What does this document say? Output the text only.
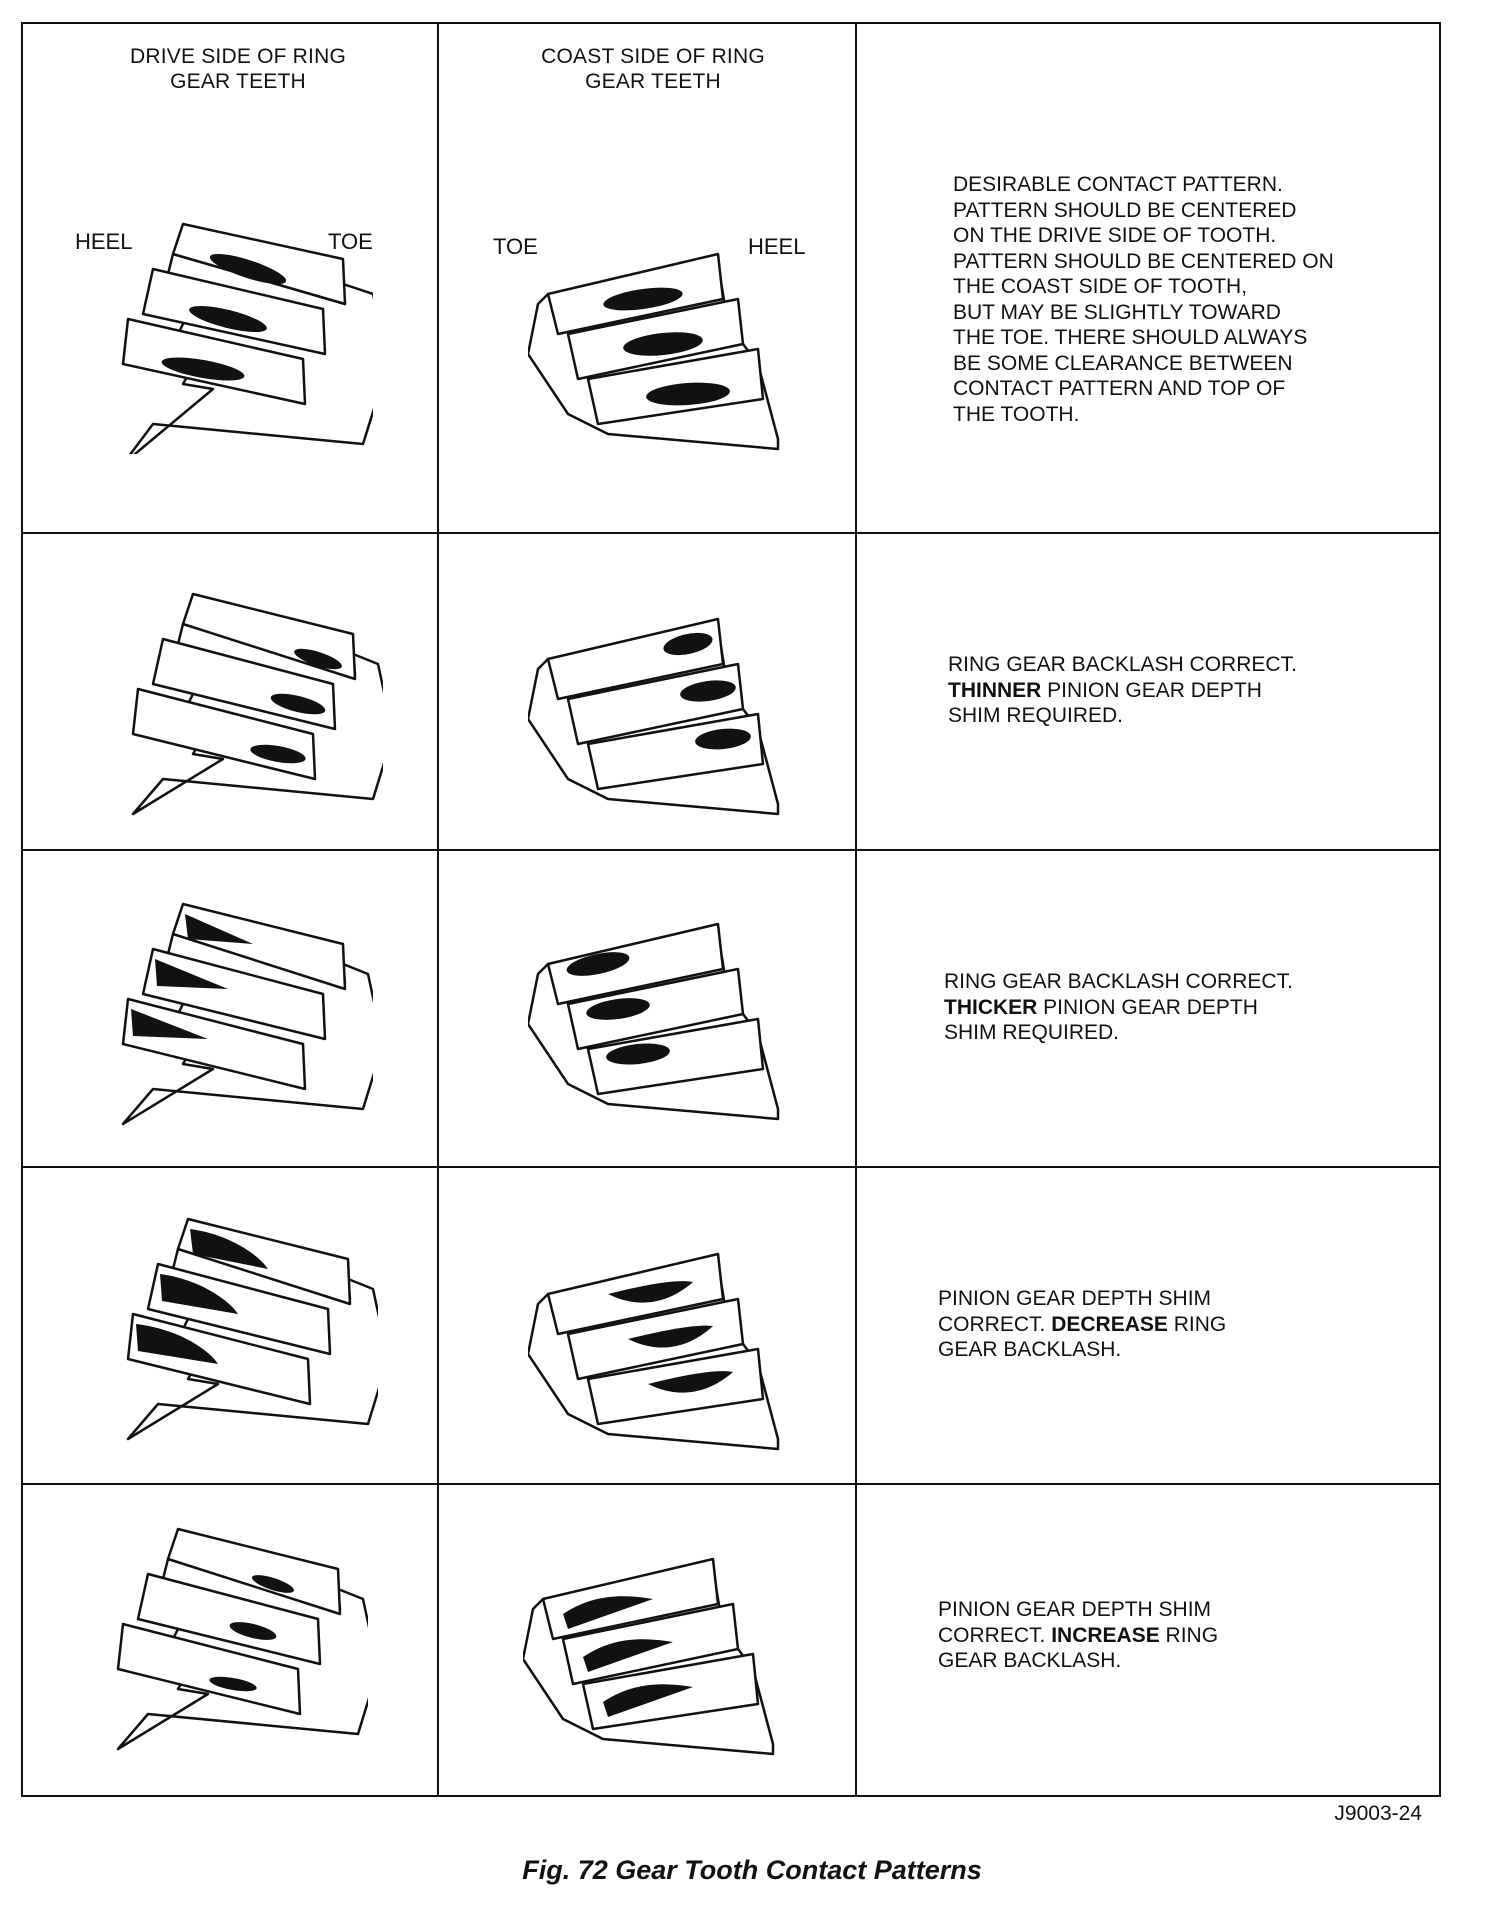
DRIVE SIDE OF RING GEAR TEETH
COAST SIDE OF RING GEAR TEETH
HEEL	TOE	TOE	HEEL
DESIRABLE CONTACT PATTERN.
PATTERN SHOULD BE CENTERED
ON THE DRIVE SIDE OF TOOTH.
PATTERN SHOULD BE CENTERED ON
THE COAST SIDE OF TOOTH,
BUT MAY BE SLIGHTLY TOWARD
THE TOE. THERE SHOULD ALWAYS
BE SOME CLEARANCE BETWEEN
CONTACT PATTERN AND TOP OF
THE TOOTH.
RING GEAR BACKLASH CORRECT.
THINNER PINION GEAR DEPTH
SHIM REQUIRED.
RING GEAR BACKLASH CORRECT.
THICKER PINION GEAR DEPTH
SHIM REQUIRED.
PINION GEAR DEPTH SHIM
CORRECT. DECREASE RING
GEAR BACKLASH.
PINION GEAR DEPTH SHIM
CORRECT. INCREASE RING
GEAR BACKLASH.
J9003-24
Fig. 72 Gear Tooth Contact Patterns
